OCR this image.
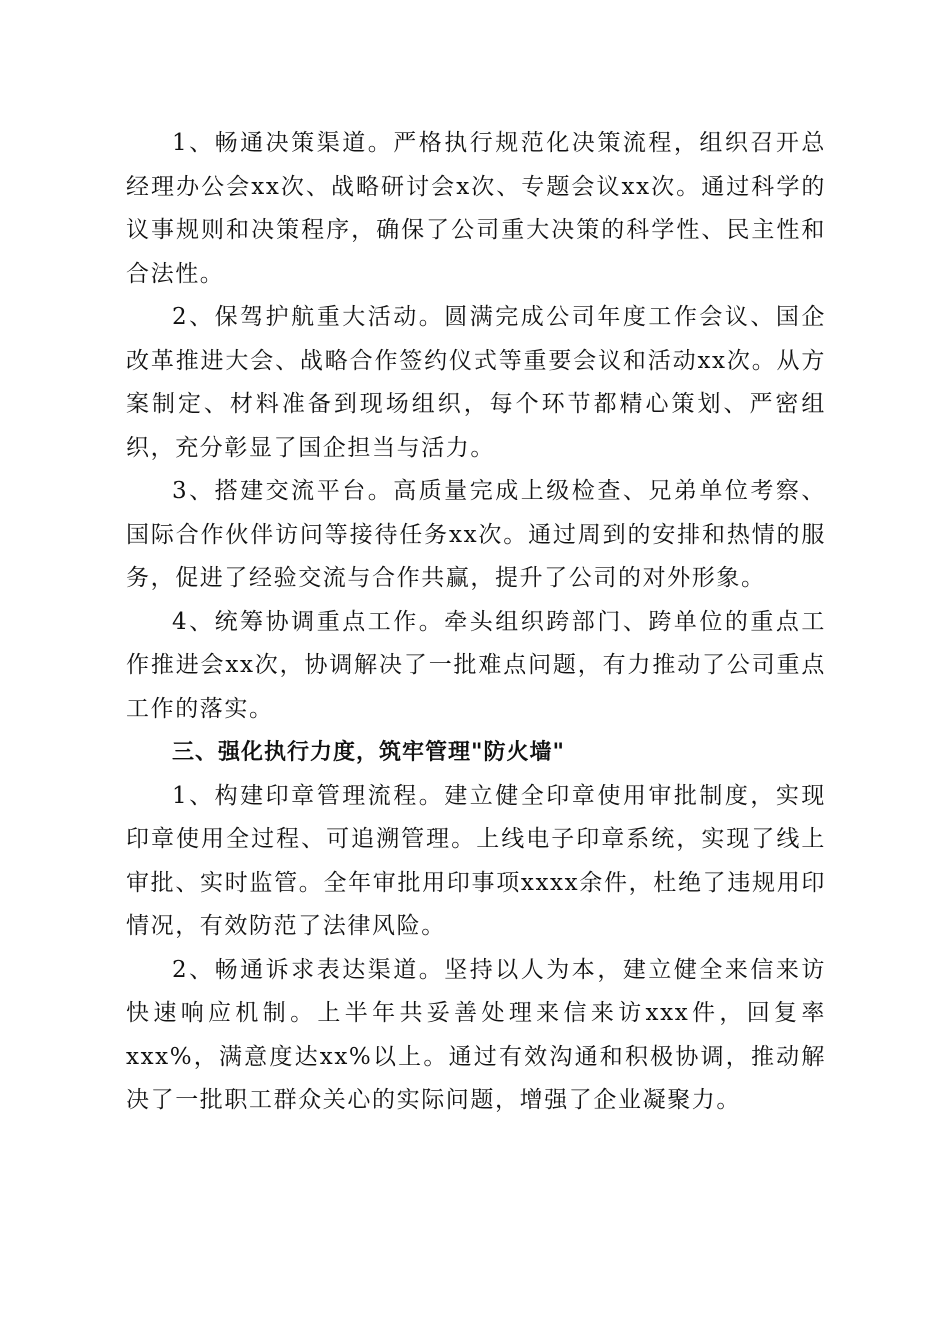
1、畅通决策渠道。严格执行规范化决策流程，组织召开总经理办公会xx次、战略研讨会x次、专题会议xx次。通过科学的议事规则和决策程序，确保了公司重大决策的科学性、民主性和合法性。

2、保驾护航重大活动。圆满完成公司年度工作会议、国企改革推进大会、战略合作签约仪式等重要会议和活动xx次。从方案制定、材料准备到现场组织，每个环节都精心策划、严密组织，充分彰显了国企担当与活力。

3、搭建交流平台。高质量完成上级检查、兄弟单位考察、国际合作伙伴访问等接待任务xx次。通过周到的安排和热情的服务，促进了经验交流与合作共赢，提升了公司的对外形象。

4、统筹协调重点工作。牵头组织跨部门、跨单位的重点工作推进会xx次，协调解决了一批难点问题，有力推动了公司重点工作的落实。

三、强化执行力度，筑牢管理"防火墙"

1、构建印章管理流程。建立健全印章使用审批制度，实现印章使用全过程、可追溯管理。上线电子印章系统，实现了线上审批、实时监管。全年审批用印事项xxxx余件，杜绝了违规用印情况，有效防范了法律风险。

2、畅通诉求表达渠道。坚持以人为本，建立健全来信来访快速响应机制。上半年共妥善处理来信来访xxx件，回复率xxx%，满意度达xx%以上。通过有效沟通和积极协调，推动解决了一批职工群众关心的实际问题，增强了企业凝聚力。
